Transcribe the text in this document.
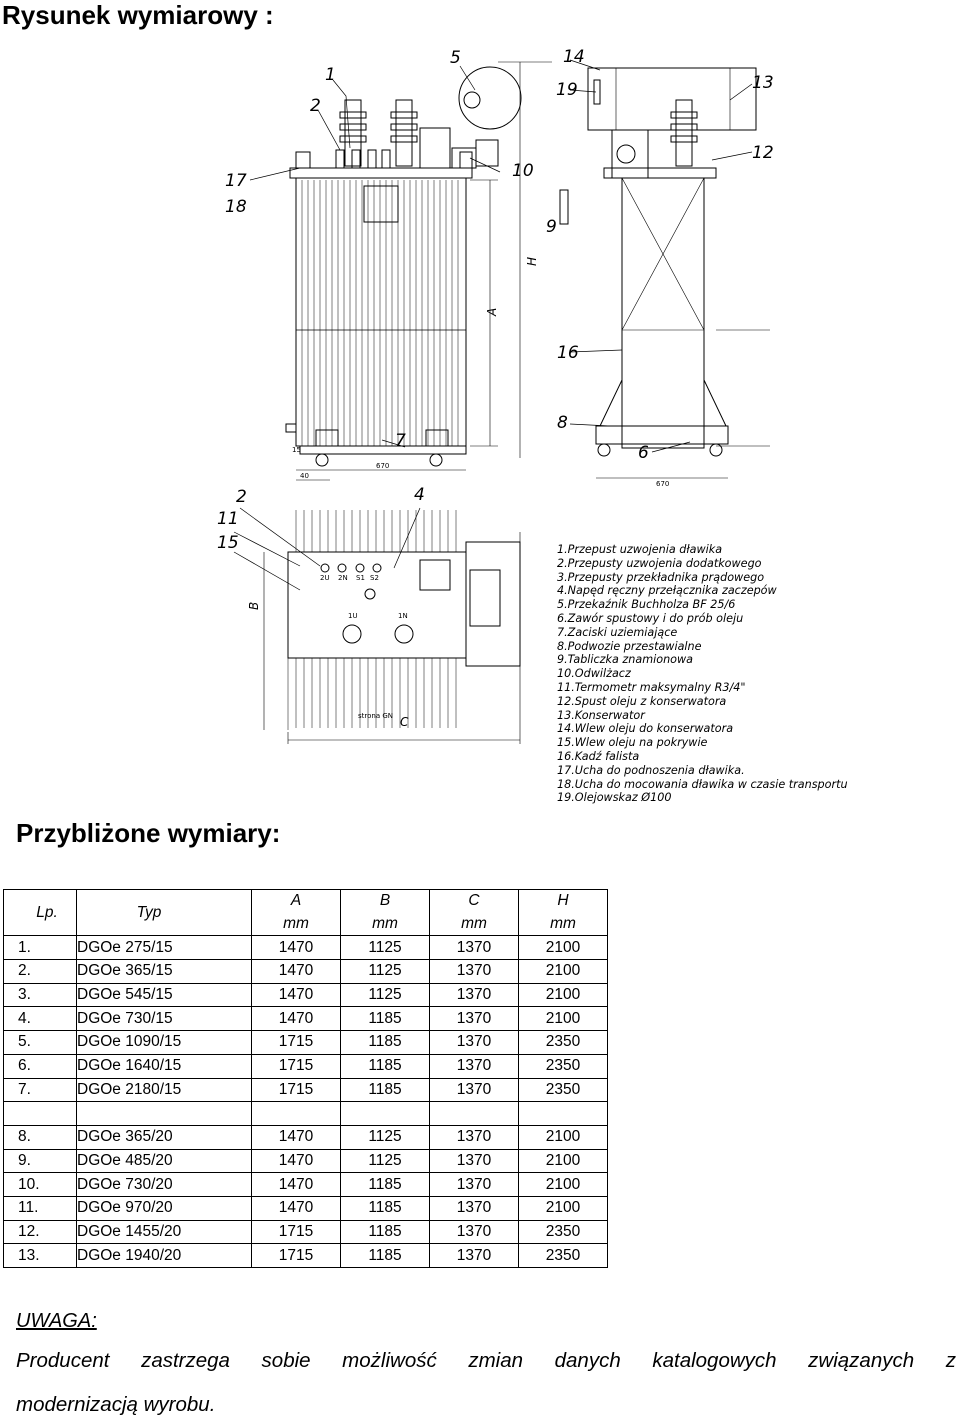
Rysunek wymiarowy :
1
2
5	14
19	13
12
10
9
17
18
16
8
6
7
11
15
4
2
A
H
B
C
670
670
40
15
strona GN
2U 2N S1 S2
1U	1N
1.Przepust uzwojenia dławika
2.Przepusty uzwojenia dodatkowego
3.Przepusty przekładnika prądowego
4.Napęd ręczny przełącznika zaczepów
5.Przekaźnik Buchholza BF 25/6
6.Zawór spustowy i do prób oleju
7.Zaciski uziemiające
8.Podwozie przestawialne
9.Tabliczka znamionowa
10.Odwilżacz
11.Termometr maksymalny R3/4"
12.Spust oleju z konserwatora
13.Konserwator
14.Wlew oleju do konserwatora
15.Wlew oleju na pokrywie
16.Kadź falista
17.Ucha do podnoszenia dławika.
18.Ucha do mocowania dławika w czasie transportu
19.Olejowskaz Ø100
Przybliżone wymiary:
Lp.	Typ	A	B	C	H
		mm	mm	mm	mm
1.	DGOe 275/15	1470	1125	1370	2100
2.	DGOe 365/15	1470	1125	1370	2100
3.	DGOe 545/15	1470	1125	1370	2100
4.	DGOe 730/15	1470	1185	1370	2100
5.	DGOe 1090/15	1715	1185	1370	2350
6.	DGOe 1640/15	1715	1185	1370	2350
7.	DGOe 2180/15	1715	1185	1370	2350

8.	DGOe 365/20	1470	1125	1370	2100
9.	DGOe 485/20	1470	1125	1370	2100
10.	DGOe 730/20	1470	1185	1370	2100
11.	DGOe 970/20	1470	1185	1370	2100
12.	DGOe 1455/20	1715	1185	1370	2350
13.	DGOe 1940/20	1715	1185	1370	2350
UWAGA:
Producent zastrzega sobie możliwość zmian danych katalogowych związanych z
modernizacją wyrobu.
